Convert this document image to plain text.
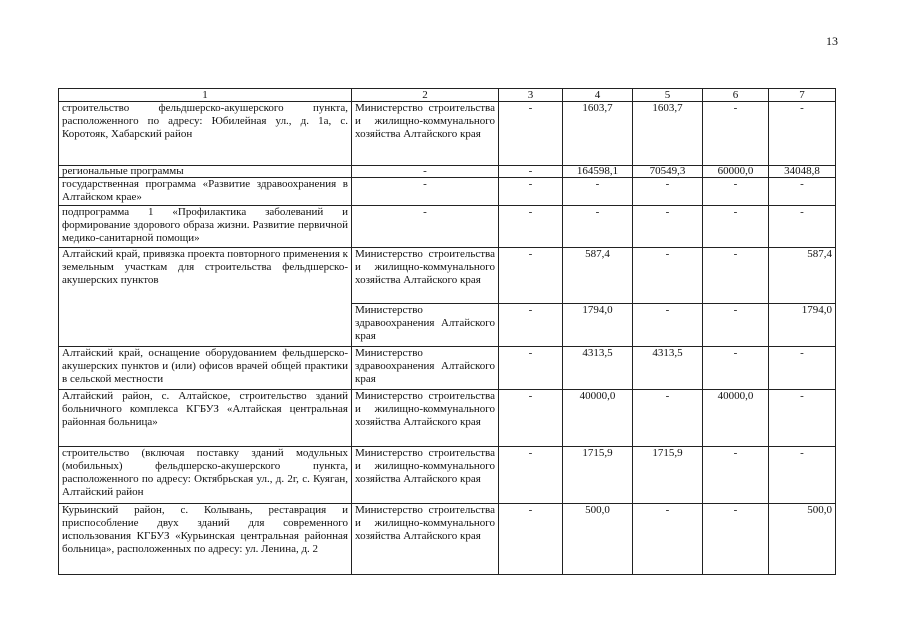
13
1	2	3	4	5	6	7
строительство фельдшерско-акушерского пункта, расположенного по адресу: Юбилейная ул., д. 1а, с. Коротояк, Хабарский район	Министерство строительства и жилищно-коммунального хозяйства Алтайского края	-	1603,7	1603,7	-	-
региональные программы	-	-	164598,1	70549,3	60000,0	34048,8
государственная программа «Развитие здравоохранения в Алтайском крае»	-	-	-	-	-	-
подпрограмма 1 «Профилактика заболеваний и формирование здорового образа жизни. Развитие первичной медико-санитарной помощи»	-	-	-	-	-	-
Алтайский край, привязка проекта повторного применения к земельным участкам для строительства фельдшерско-акушерских пунктов	Министерство строительства и жилищно-коммунального хозяйства Алтайского края	-	587,4	-	-	587,4
	Министерство здравоохранения Алтайского края	-	1794,0	-	-	1794,0
Алтайский край, оснащение оборудованием фельдшерско-акушерских пунктов и (или) офисов врачей общей практики в сельской местности	Министерство здравоохранения Алтайского края	-	4313,5	4313,5	-	-
Алтайский район, с. Алтайское, строительство зданий больничного комплекса КГБУЗ «Алтайская центральная районная больница»	Министерство строительства и жилищно-коммунального хозяйства Алтайского края	-	40000,0	-	40000,0	-
строительство (включая поставку зданий модульных (мобильных) фельдшерско-акушерского пункта, расположенного по адресу: Октябрьская ул., д. 2г, с. Куяган, Алтайский район	Министерство строительства и жилищно-коммунального хозяйства Алтайского края	-	1715,9	1715,9	-	-
Курьинский район, с. Колывань, реставрация и приспособление двух зданий для современного использования КГБУЗ «Курьинская центральная районная больница», расположенных по адресу: ул. Ленина, д. 2	Министерство строительства и жилищно-коммунального хозяйства Алтайского края	-	500,0	-	-	500,0
